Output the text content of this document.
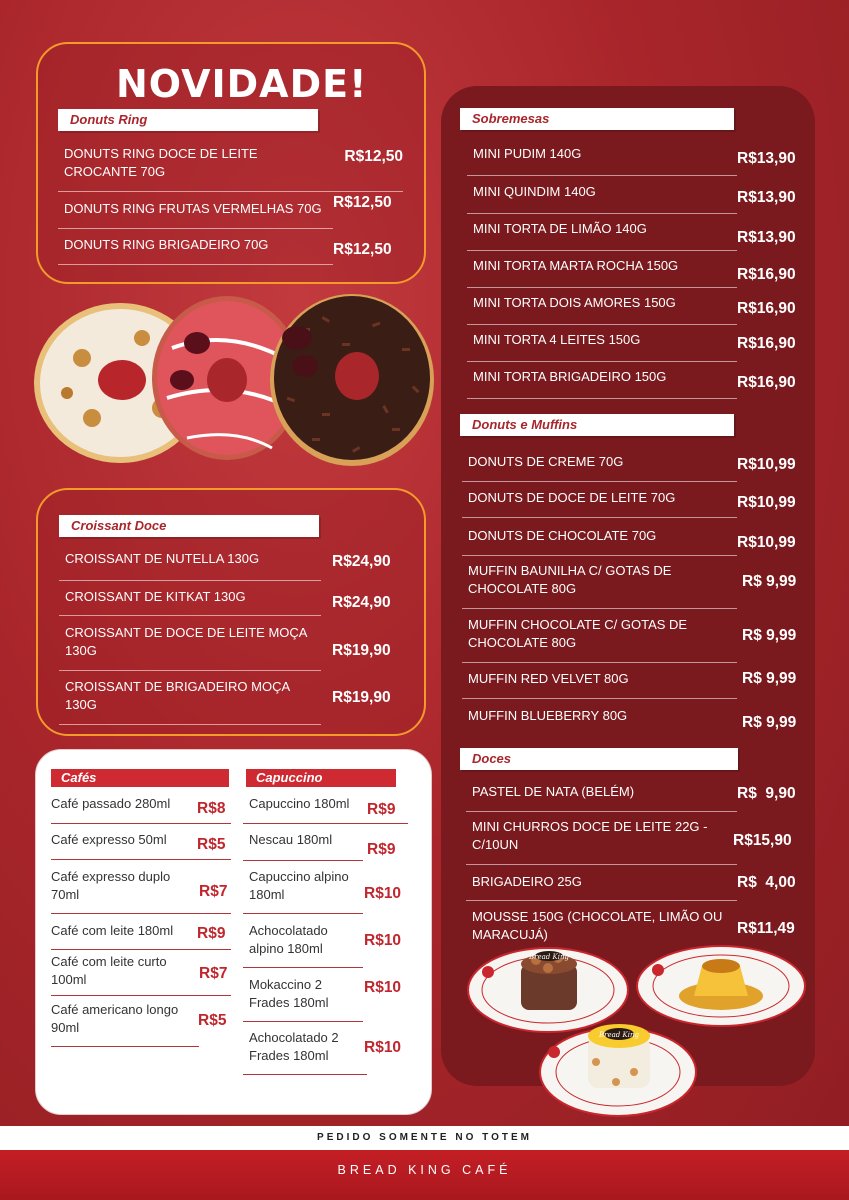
NOVIDADE!
Donuts Ring
DONUTS RING DOCE DE LEITE CROCANTE 70G
R$12,50
DONUTS RING FRUTAS VERMELHAS 70G R$12,50
DONUTS RING BRIGADEIRO 70G	R$12,50
Croissant Doce
CROISSANT DE NUTELLA 130G	R$24,90
CROISSANT DE KITKAT 130G	R$24,90
CROISSANT DE DOCE DE LEITE MOÇA 130G	R$19,90
CROISSANT DE BRIGADEIRO MOÇA 130G	R$19,90
Sobremesas
Donuts e Muffins
Doces
MINI PUDIM 140G	R$13,90
MINI QUINDIM 140G	R$13,90
MINI TORTA DE LIMÃO 140G
R$13,90
MINI TORTA MARTA ROCHA 150G
R$16,90
MINI TORTA DOIS AMORES 150G	R$16,90
MINI TORTA 4 LEITES 150G	R$16,90
MINI TORTA BRIGADEIRO 150G	R$16,90
DONUTS DE CREME 70G	R$10,99
DONUTS DE DOCE DE LEITE 70G	R$10,99
DONUTS DE CHOCOLATE 70G	R$10,99
MUFFIN BAUNILHA C/ GOTAS DE CHOCOLATE 80G	R$ 9,99
MUFFIN CHOCOLATE C/ GOTAS DE CHOCOLATE 80G	R$ 9,99
MUFFIN RED VELVET 80G	R$ 9,99
MUFFIN BLUEBERRY 80G	R$ 9,99
PASTEL DE NATA (BELÉM)	R$  9,90
MINI CHURROS DOCE DE LEITE 22G - C/10UN	R$15,90
BRIGADEIRO 25G	R$  4,00
MOUSSE 150G (CHOCOLATE, LIMÃO OU MARACUJÁ)	R$11,49
Bread King
Bread King
Cafés	Capuccino
Café passado 280ml R$8
Café expresso 50ml R$5
Café expresso duplo 70ml	R$7
Café com leite 180ml R$9
Café com leite curto 100ml	R$7
Café americano longo 90ml	R$5
Capuccino 180ml R$9
Nescau 180ml
R$9
Capuccino alpino 180ml	R$10
Achocolatado alpino 180ml	R$10
Mokaccino 2 Frades 180ml
R$10
Achocolatado 2 Frades 180ml	R$10
PEDIDO SOMENTE NO TOTEM
BREAD KING CAFÉ
